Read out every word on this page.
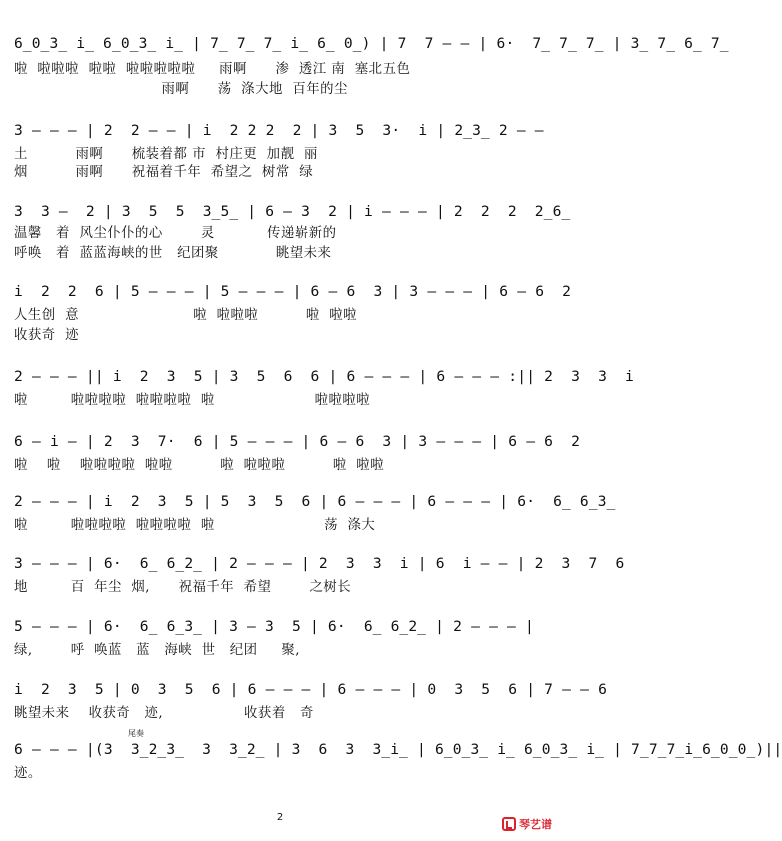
6̲0̲3̲ i̲ 6̲0̲3̲ i̲ | 7̲ 7̲ 7̲ i̲ 6̲ 0̲) | 7  7 — — | 6·  7̲ 7̲ 7̲ | 3̲ 7̲ 6̲ 7̲
啦  啦啦啦  啦啦  啦啦啦啦啦     雨啊      渗  透江 南  塞北五色
雨啊      荡  涤大地  百年的尘
3 — — — | 2  2 — — | i  2 2 2  2 | 3  5  3·  i | 2̲3̲ 2 — —
土          雨啊      梳装着都 市  村庄更  加靓  丽
烟          雨啊      祝福着千年  希望之  树常  绿
3  3 —  2 | 3  5  5  3̲5̲ | 6 — 3  2 | i — — — | 2  2  2  2̲6̲
温馨   着  风尘仆仆的心        灵           传递崭新的
呼唤   着  蓝蓝海峡的世   纪团聚            眺望未来
i  2  2  6 | 5 — — — | 5 — — — | 6 — 6  3 | 3 — — — | 6 — 6  2
人生创  意                        啦  啦啦啦          啦  啦啦
收获奇  迹
2 — — — || i  2  3  5 | 3  5  6  6 | 6 — — — | 6 — — — :|| 2  3  3  i
啦         啦啦啦啦  啦啦啦啦  啦                     啦啦啦啦
6 — i — | 2  3  7·  6 | 5 — — — | 6 — 6  3 | 3 — — — | 6 — 6  2
啦    啦    啦啦啦啦  啦啦          啦  啦啦啦          啦  啦啦
2 — — — | i  2  3  5 | 5  3  5  6 | 6 — — — | 6 — — — | 6·  6̲ 6̲3̲
啦         啦啦啦啦  啦啦啦啦  啦                       荡  涤大
3 — — — | 6·  6̲ 6̲2̲ | 2 — — — | 2  3  3  i | 6  i — — | 2  3  7  6
地         百  年尘  烟,      祝福千年  希望        之树长
5 — — — | 6·  6̲ 6̲3̲ | 3 — 3  5 | 6·  6̲ 6̲2̲ | 2 — — — |
绿,        呼  唤蓝   蓝   海峡  世   纪团     聚,
i  2  3  5 | 0  3  5  6 | 6 — — — | 6 — — — | 0  3  5  6 | 7 — — 6
眺望未来    收获奇   迹,                 收获着   奇
尾奏
6 — — — |(3  3̲2̲3̲  3  3̲2̲ | 3  6  3  3̲i̲ | 6̲0̲3̲ i̲ 6̲0̲3̲ i̲ | 7̲7̲7̲i̲6̲0̲0̲)||
迹。
2
琴艺谱
